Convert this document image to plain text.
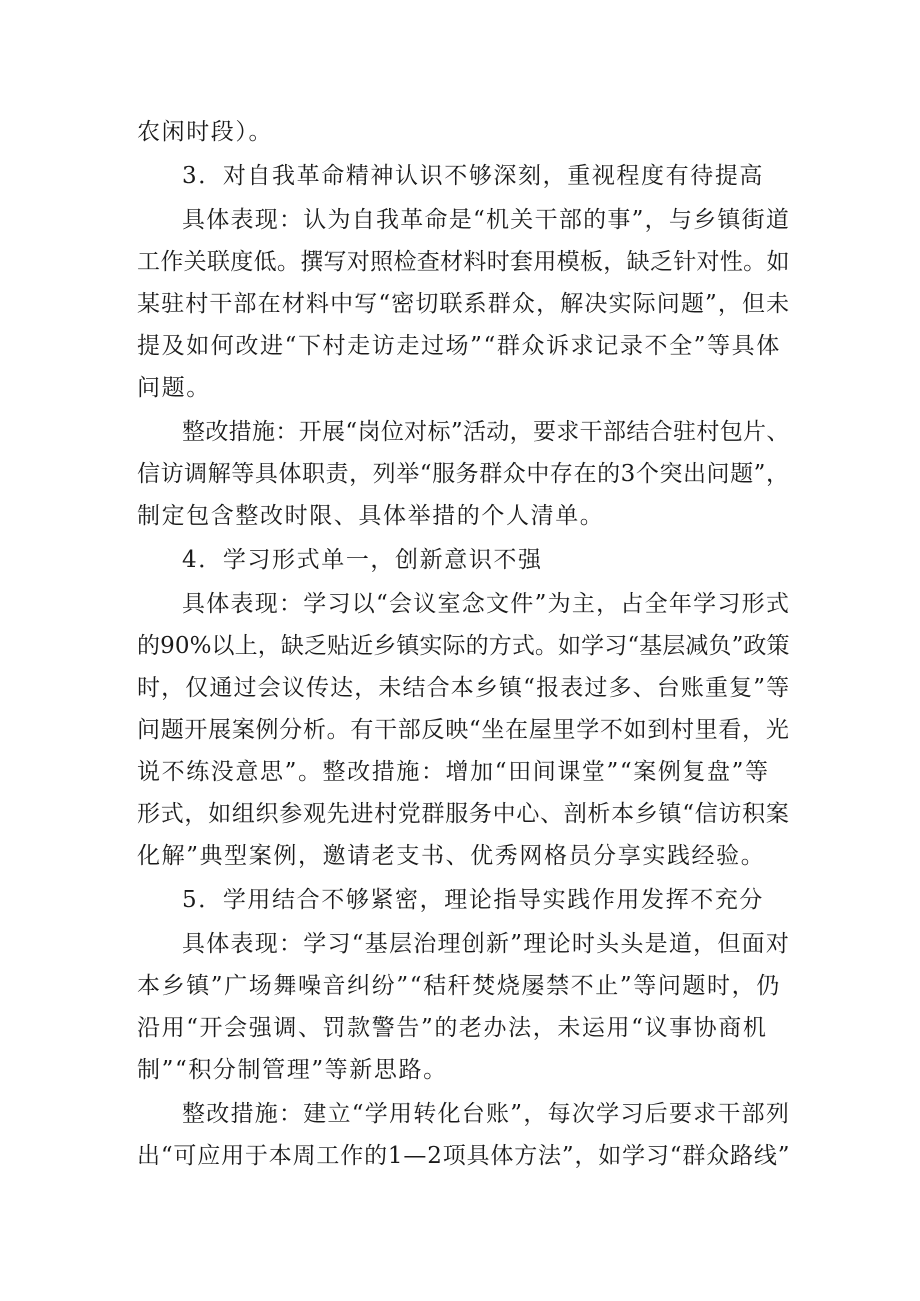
农闲时段）。
3．对自我革命精神认识不够深刻，重视程度有待提高
具体表现：认为自我革命是“机关干部的事”，与乡镇街道
工作关联度低。撰写对照检查材料时套用模板，缺乏针对性。如
某驻村干部在材料中写“密切联系群众，解决实际问题”，但未
提及如何改进“下村走访走过场”“群众诉求记录不全”等具体
问题。
整改措施：开展“岗位对标”活动，要求干部结合驻村包片、
信访调解等具体职责，列举“服务群众中存在的3个突出问题”，
制定包含整改时限、具体举措的个人清单。
4．学习形式单一，创新意识不强
具体表现：学习以“会议室念文件”为主，占全年学习形式
的90%以上，缺乏贴近乡镇实际的方式。如学习“基层减负”政策
时，仅通过会议传达，未结合本乡镇“报表过多、台账重复”等
问题开展案例分析。有干部反映“坐在屋里学不如到村里看，光
说不练没意思”。整改措施：增加“田间课堂”“案例复盘”等
形式，如组织参观先进村党群服务中心、剖析本乡镇“信访积案
化解”典型案例，邀请老支书、优秀网格员分享实践经验。
5．学用结合不够紧密，理论指导实践作用发挥不充分
具体表现：学习“基层治理创新”理论时头头是道，但面对
本乡镇”广场舞噪音纠纷”“秸秆焚烧屡禁不止”等问题时，仍
沿用“开会强调、罚款警告”的老办法，未运用“议事协商机
制”“积分制管理”等新思路。
整改措施：建立“学用转化台账”，每次学习后要求干部列
出“可应用于本周工作的1—2项具体方法”，如学习“群众路线”
